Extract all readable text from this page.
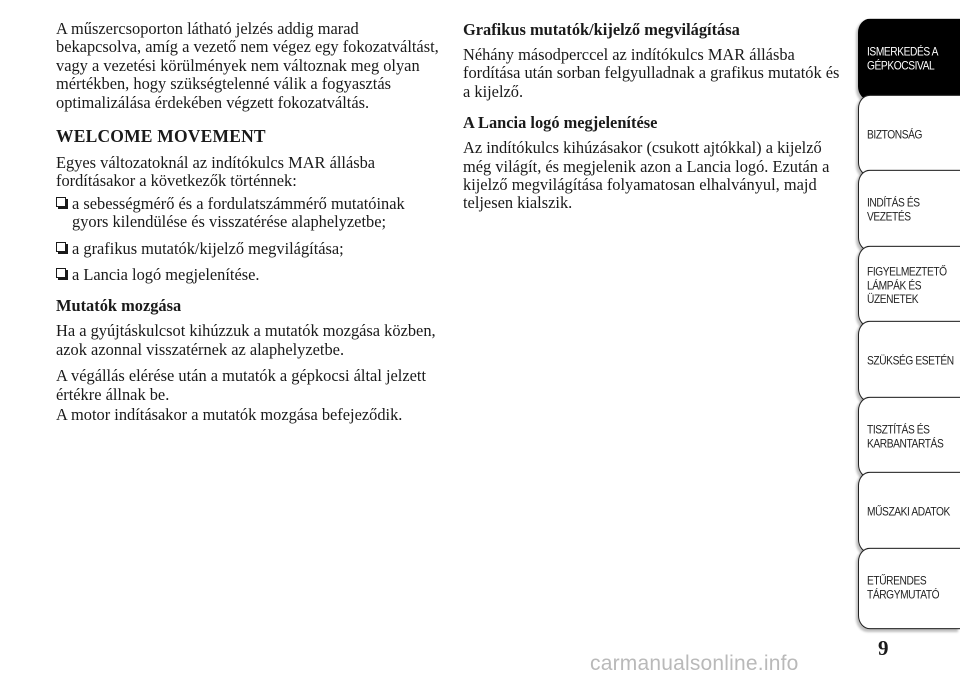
A műszercsoporton látható jelzés addig marad bekapcsolva, amíg a vezető nem végez egy fokozatváltást, vagy a vezetési körülmények nem változnak meg olyan mértékben, hogy szükségtelenné válik a fogyasztás optimalizálása érdekében végzett fokozatváltás.

WELCOME MOVEMENT

Egyes változatoknál az indítókulcs MAR állásba fordításakor a következők történnek:

a sebességmérő és a fordulatszámmérő mutatóinak gyors kilendülése és visszatérése alaphelyzetbe;
a grafikus mutatók/kijelző megvilágítása;
a Lancia logó megjelenítése.
Mutatók mozgása

Ha a gyújtáskulcsot kihúzzuk a mutatók mozgása közben, azok azonnal visszatérnek az alaphelyzetbe.

A végállás elérése után a mutatók a gépkocsi által jelzett értékre állnak be.

A motor indításakor a mutatók mozgása befejeződik.

Grafikus mutatók/kijelző megvilágítása

Néhány másodperccel az indítókulcs MAR állásba fordítása után sorban felgyulladnak a grafikus mutatók és a kijelző.

A Lancia logó megjelenítése

Az indítókulcs kihúzásakor (csukott ajtókkal) a kijelző még világít, és megjelenik azon a Lancia logó. Ezután a kijelző megvilágítása folyamatosan elhalványul, majd teljesen kialszik.

ISMERKEDÉS A
GÉPKOCSIVAL
BIZTONSÁG
INDÍTÁS ÉS
VEZETÉS
FIGYELMEZTETŐ
LÁMPÁK ÉS
ÜZENETEK
SZÜKSÉG ESETÉN
TISZTÍTÁS ÉS
KARBANTARTÁS
MŰSZAKI ADATOK
ETŰRENDES
TÁRGYMUTATÓ
9
carmanualsonline.info
